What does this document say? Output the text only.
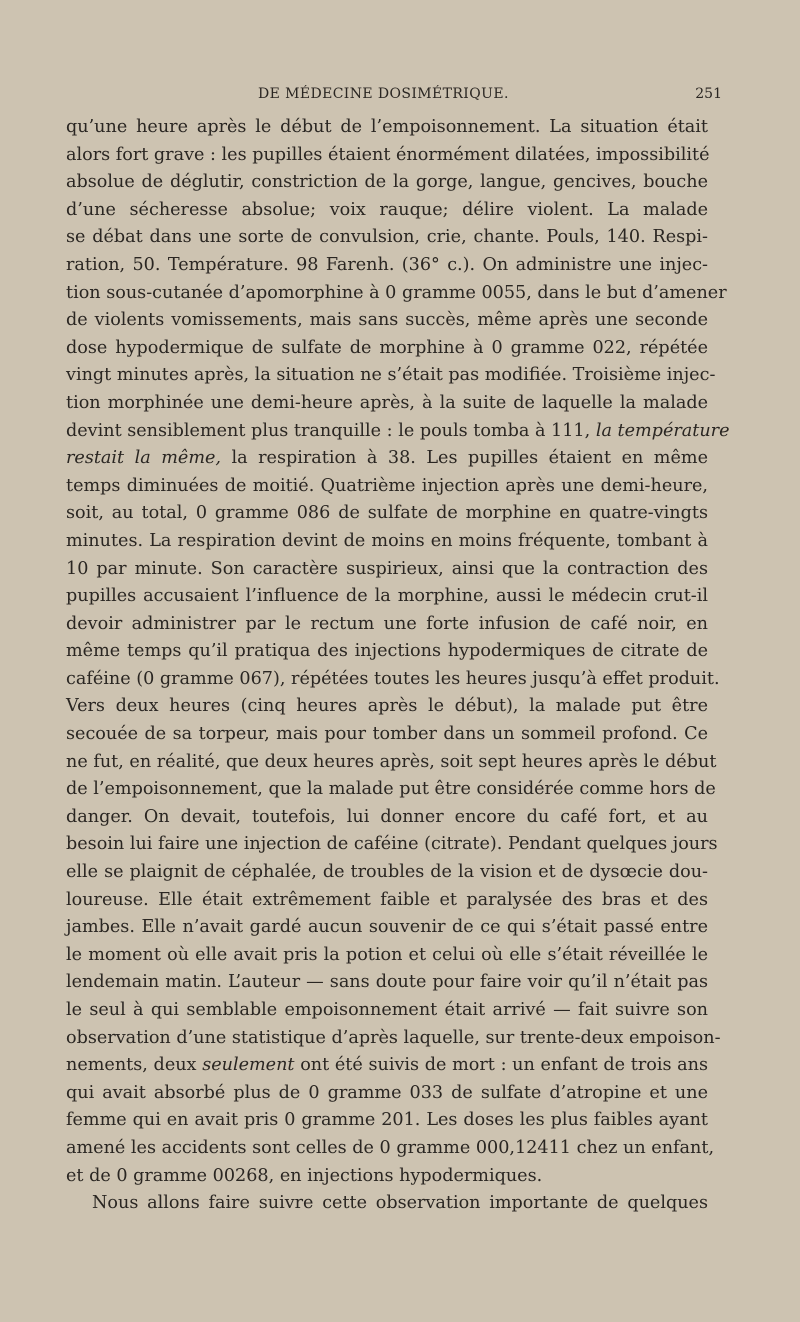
DE MÉDECINE DOSIMÉTRIQUE.	251
qu’une heure après le début de l’empoisonnement. La situation était
alors fort grave : les pupilles étaient énormément dilatées, impossibilité
absolue de déglutir, constriction de la gorge, langue, gencives, bouche
d’une sécheresse absolue; voix rauque; délire violent. La malade
se débat dans une sorte de convulsion, crie, chante. Pouls, 140. Respi-
ration, 50. Température. 98 Farenh. (36° c.). On administre une injec-
tion sous-cutanée d’apomorphine à 0 gramme 0055, dans le but d’amener
de violents vomissements, mais sans succès, même après une seconde
dose hypodermique de sulfate de morphine à 0 gramme 022, répétée
vingt minutes après, la situation ne s’était pas modifiée. Troisième injec-
tion morphinée une demi-heure après, à la suite de laquelle la malade
devint sensiblement plus tranquille : le pouls tomba à 111, la température
restait la même, la respiration à 38. Les pupilles étaient en même
temps diminuées de moitié. Quatrième injection après une demi-heure,
soit, au total, 0 gramme 086 de sulfate de morphine en quatre-vingts
minutes. La respiration devint de moins en moins fréquente, tombant à
10 par minute. Son caractère suspirieux, ainsi que la contraction des
pupilles accusaient l’influence de la morphine, aussi le médecin crut-il
devoir administrer par le rectum une forte infusion de café noir, en
même temps qu’il pratiqua des injections hypodermiques de citrate de
caféine (0 gramme 067), répétées toutes les heures jusqu’à effet produit.
Vers deux heures (cinq heures après le début), la malade put être
secouée de sa torpeur, mais pour tomber dans un sommeil profond. Ce
ne fut, en réalité, que deux heures après, soit sept heures après le début
de l’empoisonnement, que la malade put être considérée comme hors de
danger. On devait, toutefois, lui donner encore du café fort, et au
besoin lui faire une injection de caféine (citrate). Pendant quelques jours
elle se plaignit de céphalée, de troubles de la vision et de dysœcie dou-
loureuse. Elle était extrêmement faible et paralysée des bras et des
jambes. Elle n’avait gardé aucun souvenir de ce qui s’était passé entre
le moment où elle avait pris la potion et celui où elle s’était réveillée le
lendemain matin. L’auteur — sans doute pour faire voir qu’il n’était pas
le seul à qui semblable empoisonnement était arrivé — fait suivre son
observation d’une statistique d’après laquelle, sur trente-deux empoison-
nements, deux seulement ont été suivis de mort : un enfant de trois ans
qui avait absorbé plus de 0 gramme 033 de sulfate d’atropine et une
femme qui en avait pris 0 gramme 201. Les doses les plus faibles ayant
amené les accidents sont celles de 0 gramme 000,12411 chez un enfant,
et de 0 gramme 00268, en injections hypodermiques.
Nous allons faire suivre cette observation importante de quelques
